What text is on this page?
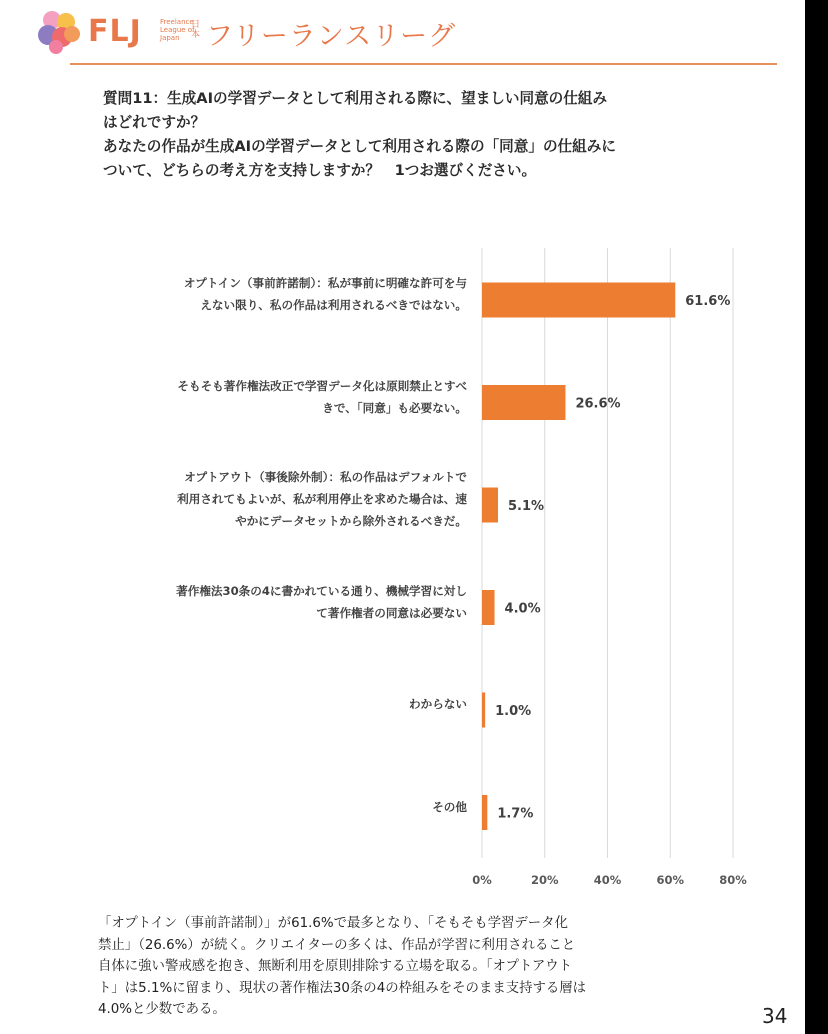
FLJ	Freelance
League of
Japan
日本 フリーランスリーグ
質問11：生成AIの学習データとして利用される際に、望ましい同意の仕組み
はどれですか？
あなたの作品が生成AIの学習データとして利用される際の「同意」の仕組みに
ついて、どちらの考え方を支持しますか？　1つお選びください。
0%	20%	40%	60%	80%
61.6%
26.6%
5.1%
4.0%
1.0%
1.7%
オプトイン（事前許諾制）：私が事前に明確な許可を与
えない限り、私の作品は利用されるべきではない。
そもそも著作権法改正で学習データ化は原則禁止とすべ
きで、「同意」も必要ない。
オプトアウト（事後除外制）：私の作品はデフォルトで
利用されてもよいが、私が利用停止を求めた場合は、速
やかにデータセットから除外されるべきだ。
著作権法30条の4に書かれている通り、機械学習に対し
て著作権者の同意は必要ない
わからない
その他
「オプトイン（事前許諾制）」が61.6%で最多となり、「そもそも学習データ化
禁止」（26.6%）が続く。クリエイターの多くは、作品が学習に利用されること
自体に強い警戒感を抱き、無断利用を原則排除する立場を取る。「オプトアウト
ト」は5.1%に留まり、現状の著作権法30条の4の枠組みをそのまま支持する層は
4.0%と少数である。	34
